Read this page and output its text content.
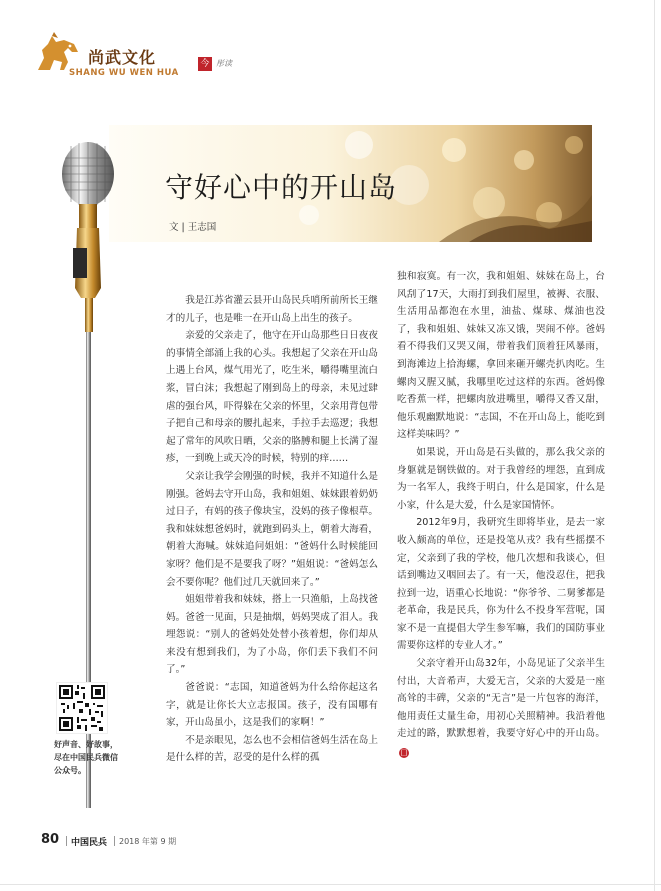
尚武文化
SHANG WU WEN HUA
今 彤读
守好心中的开山岛
文 | 王志国
好声音、好故事，尽在中国民兵微信公众号。

我是江苏省灌云县开山岛民兵哨所前所长王继才的儿子，也是唯一在开山岛上出生的孩子。

亲爱的父亲走了，他守在开山岛那些日日夜夜的事情全部涌上我的心头。我想起了父亲在开山岛上遇上台风，煤气用光了，吃生米，嚼得嘴里流白浆，冒白沫；我想起了刚到岛上的母亲，未见过肆虐的强台风，吓得躲在父亲的怀里，父亲用背包带子把自己和母亲的腰扎起来，手拉手去巡逻；我想起了常年的风吹日晒，父亲的胳膊和腿上长满了湿疹，一到晚上或天冷的时候，特别的痒……

父亲让我学会刚强的时候，我并不知道什么是刚强。爸妈去守开山岛，我和姐姐、妹妹跟着奶奶过日子，有妈的孩子像块宝，没妈的孩子像根草。我和妹妹想爸妈时，就跑到码头上，朝着大海看，朝着大海喊。妹妹追问姐姐：“爸妈什么时候能回家呀？他们是不是要我了呀？”姐姐说：“爸妈怎么会不要你呢？他们过几天就回来了。”

姐姐带着我和妹妹，搭上一只渔船，上岛找爸妈。爸爸一见面，只是抽烟，妈妈哭成了泪人。我埋怨说：“别人的爸妈处处替小孩着想，你们却从来没有想到我们，为了小岛，你们丢下我们不问了。”

爸爸说：“志国，知道爸妈为什么给你起这名字，就是让你长大立志报国。孩子，没有国哪有家，开山岛虽小，这是我们的家啊！”

不是亲眼见，怎么也不会相信爸妈生活在岛上是什么样的苦，忍受的是什么样的孤

独和寂寞。有一次，我和姐姐、妹妹在岛上，台风刮了17天，大雨打到我们屋里，被褥、衣服、生活用品都泡在水里，油盐、煤球、煤油也没了，我和姐姐、妹妹又冻又饿，哭闹不停。爸妈看不得我们又哭又闹，带着我们顶着狂风暴雨，到海滩边上拾海螺，拿回来砸开螺壳扒肉吃。生螺肉又腥又腻，我哪里吃过这样的东西。爸妈像吃香蕉一样，把螺肉放进嘴里，嚼得又香又甜，他乐观幽默地说：“志国，不在开山岛上，能吃到这样美味吗？”

如果说，开山岛是石头做的，那么我父亲的身躯就是钢铁做的。对于我曾经的埋怨，直到成为一名军人，我终于明白，什么是国家，什么是小家，什么是大爱，什么是家国情怀。

2012年9月，我研究生即将毕业，是去一家收入颇高的单位，还是投笔从戎？我有些摇摆不定，父亲到了我的学校，他几次想和我谈心，但话到嘴边又咽回去了。有一天，他没忍住，把我拉到一边，语重心长地说：“你爷爷、二舅爹都是老革命，我是民兵，你为什么不投身军营呢，国家不是一直提倡大学生参军嘛，我们的国防事业需要你这样的专业人才。”

父亲守着开山岛32年，小岛见证了父亲半生付出，大音希声，大爱无言，父亲的大爱是一座高耸的丰碑，父亲的“无言”是一片包容的海洋，他用责任丈量生命，用初心关照精神。我沿着他走过的路，默默想着，我要守好心中的开山岛。囗

80 中国民兵 2018 年第 9 期
